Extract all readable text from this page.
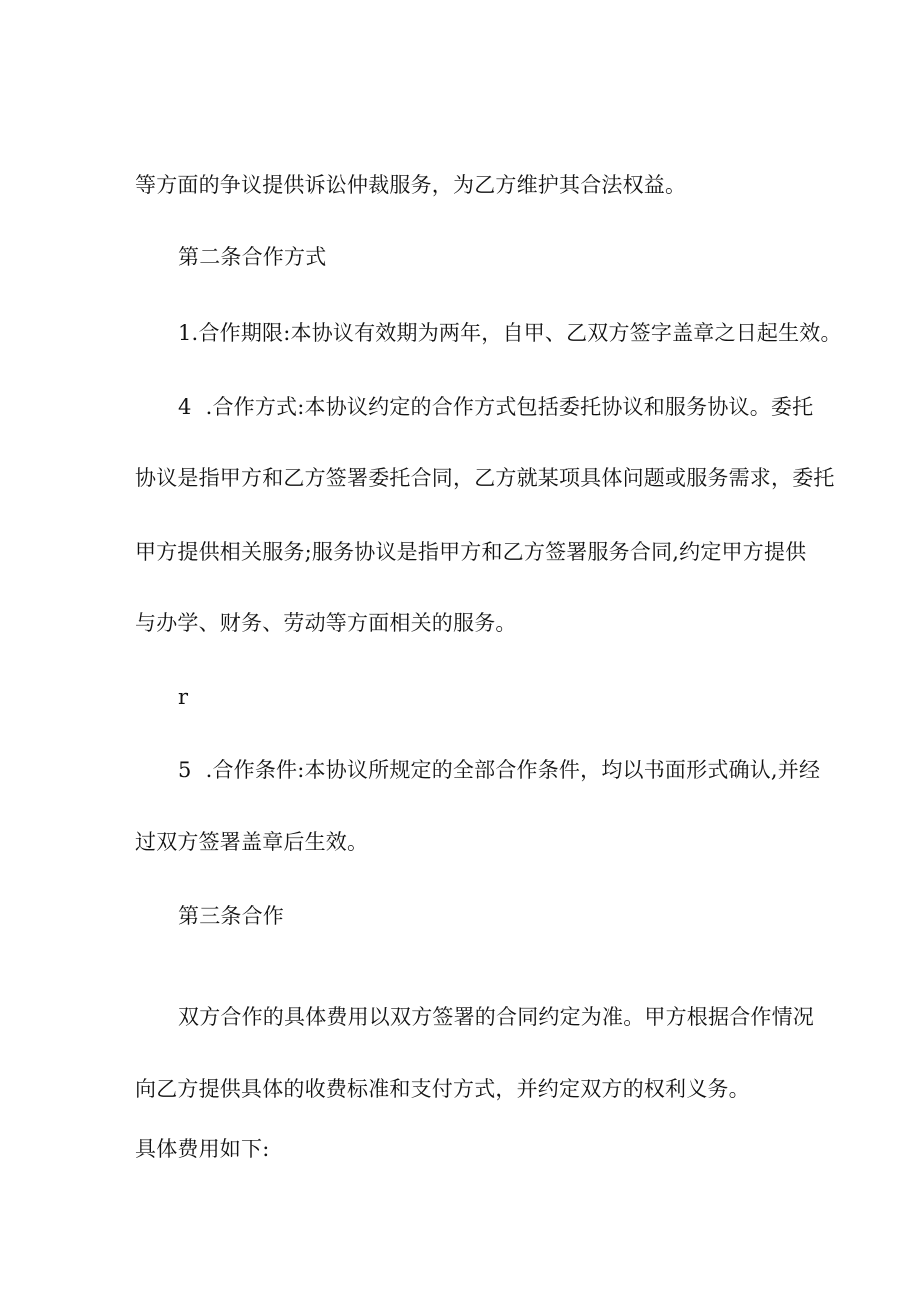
等方面的争议提供诉讼仲裁服务，为乙方维护其合法权益。
第二条合作方式
1.合作期限:本协议有效期为两年，自甲、乙双方签字盖章之日起生效。
4 .合作方式:本协议约定的合作方式包括委托协议和服务协议。委托
协议是指甲方和乙方签署委托合同，乙方就某项具体问题或服务需求，委托
甲方提供相关服务;服务协议是指甲方和乙方签署服务合同,约定甲方提供
与办学、财务、劳动等方面相关的服务。
r
5 .合作条件:本协议所规定的全部合作条件，均以书面形式确认,并经
过双方签署盖章后生效。
第三条合作
双方合作的具体费用以双方签署的合同约定为准。甲方根据合作情况
向乙方提供具体的收费标准和支付方式，并约定双方的权利义务。
具体费用如下:
